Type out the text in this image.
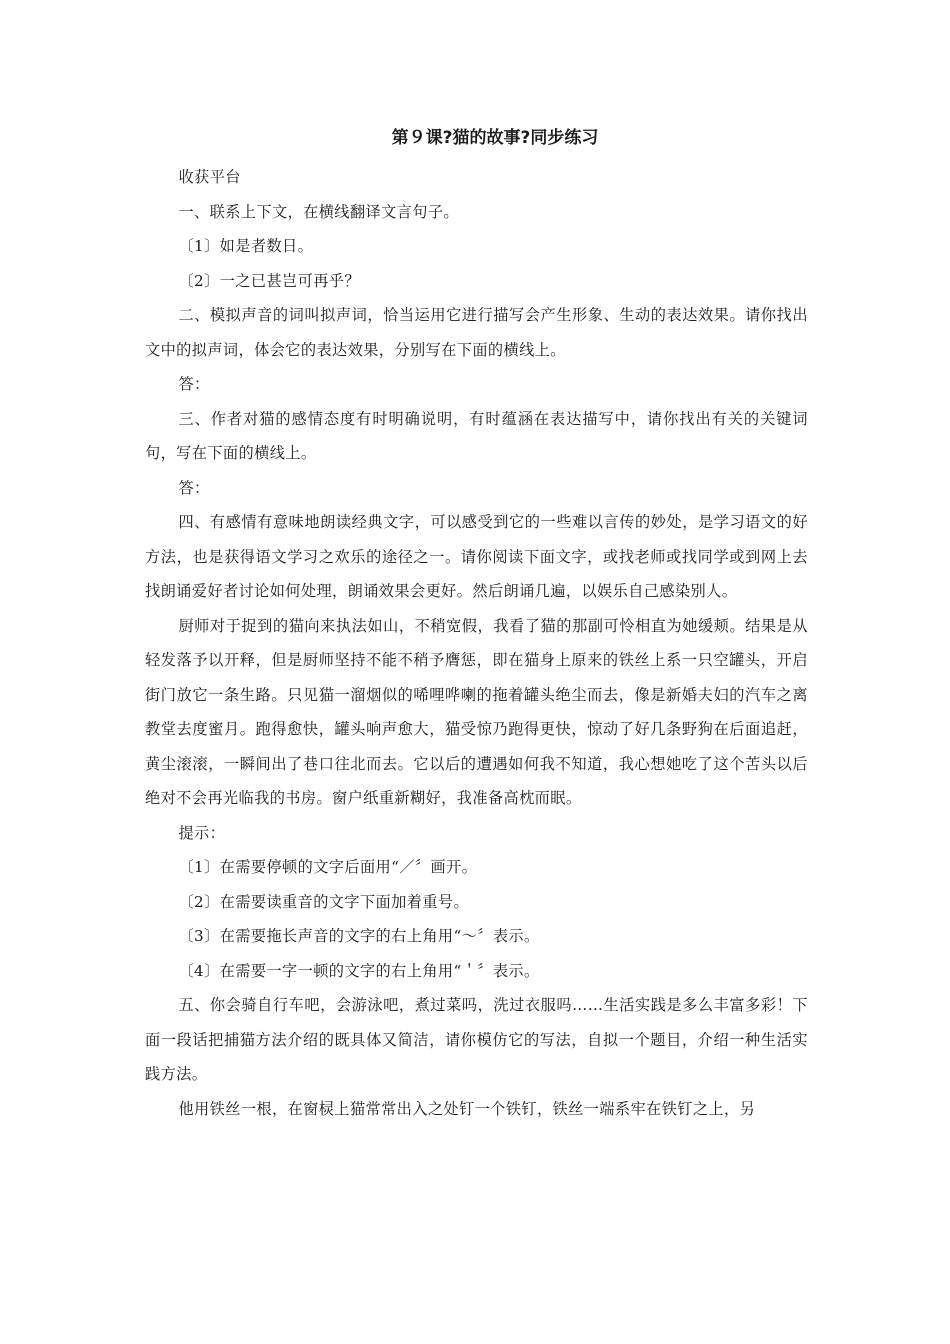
第９课?猫的故事?同步练习

收获平台

一、联系上下文，在横线翻译文言句子。

〔1〕如是者数日。

〔2〕一之已甚岂可再乎？

二、模拟声音的词叫拟声词，恰当运用它进行描写会产生形象、生动的表达效果。请你找出文中的拟声词，体会它的表达效果，分别写在下面的横线上。

答：

三、作者对猫的感情态度有时明确说明，有时蕴涵在表达描写中，请你找出有关的关键词句，写在下面的横线上。

答：

四、有感情有意味地朗读经典文字，可以感受到它的一些难以言传的妙处，是学习语文的好方法，也是获得语文学习之欢乐的途径之一。请你阅读下面文字，或找老师或找同学或到网上去找朗诵爱好者讨论如何处理，朗诵效果会更好。然后朗诵几遍，以娱乐自己感染别人。

厨师对于捉到的猫向来执法如山，不稍宽假，我看了猫的那副可怜相直为她缓颊。结果是从轻发落予以开释，但是厨师坚持不能不稍予膺惩，即在猫身上原来的铁丝上系一只空罐头，开启街门放它一条生路。只见猫一溜烟似的唏哩哗喇的拖着罐头绝尘而去，像是新婚夫妇的汽车之离教堂去度蜜月。跑得愈快，罐头响声愈大，猫受惊乃跑得更快，惊动了好几条野狗在后面追赶，黄尘滚滚，一瞬间出了巷口往北而去。它以后的遭遇如何我不知道，我心想她吃了这个苦头以后绝对不会再光临我的书房。窗户纸重新糊好，我准备高枕而眠。

提示：

〔1〕在需要停顿的文字后面用“／〞画开。

〔2〕在需要读重音的文字下面加着重号。

〔3〕在需要拖长声音的文字的右上角用“～〞表示。

〔4〕在需要一字一顿的文字的右上角用“＇〞表示。

五、你会骑自行车吧，会游泳吧，煮过菜吗，洗过衣服吗……生活实践是多么丰富多彩！下面一段话把捕猫方法介绍的既具体又简洁，请你模仿它的写法，自拟一个题目，介绍一种生活实践方法。

他用铁丝一根，在窗棂上猫常常出入之处钉一个铁钉，铁丝一端系牢在铁钉之上，另
